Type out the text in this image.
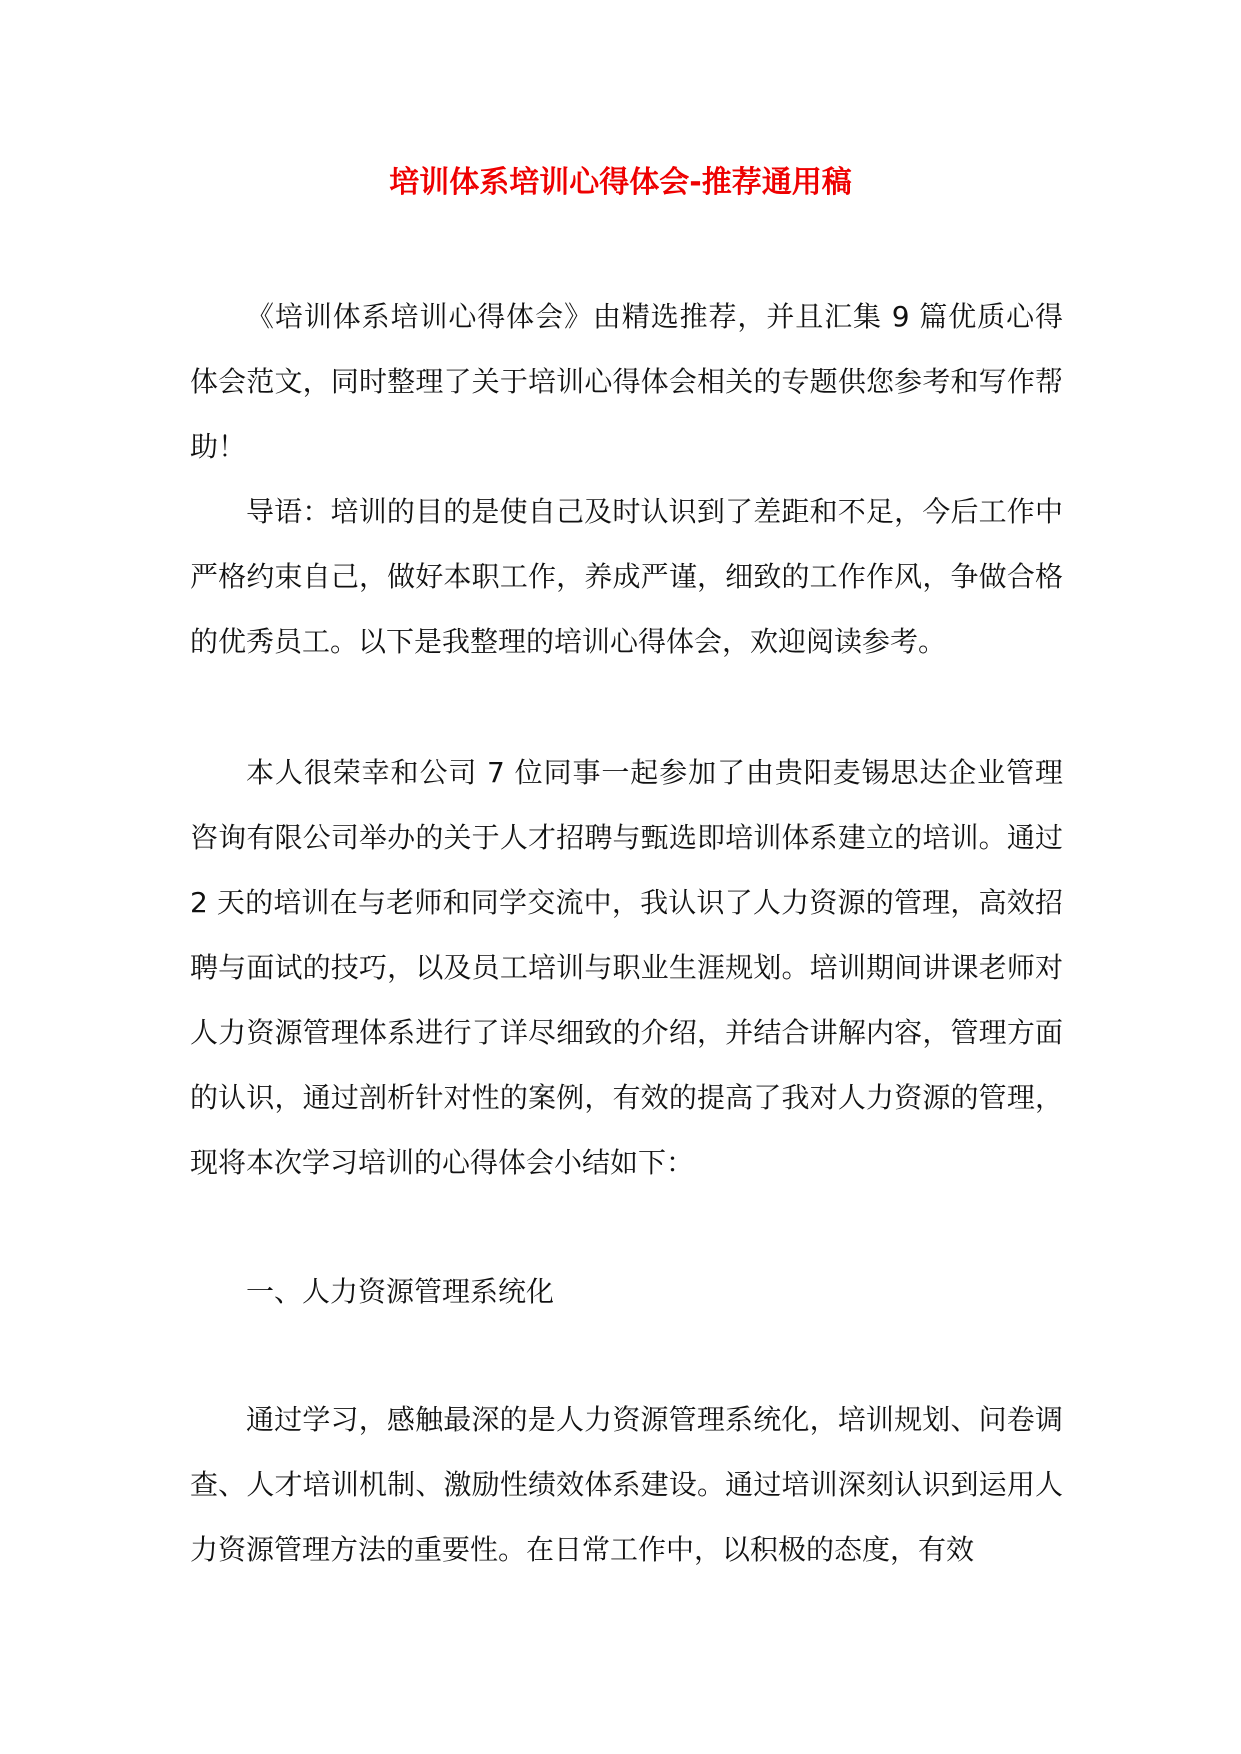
培训体系培训心得体会-推荐通用稿

《培训体系培训心得体会》由精选推荐，并且汇集 9 篇优质心得体会范文，同时整理了关于培训心得体会相关的专题供您参考和写作帮助！

导语：培训的目的是使自己及时认识到了差距和不足，今后工作中严格约束自己，做好本职工作，养成严谨，细致的工作作风，争做合格的优秀员工。以下是我整理的培训心得体会，欢迎阅读参考。

本人很荣幸和公司 7 位同事一起参加了由贵阳麦锡思达企业管理咨询有限公司举办的关于人才招聘与甄选即培训体系建立的培训。通过 2 天的培训在与老师和同学交流中，我认识了人力资源的管理，高效招聘与面试的技巧，以及员工培训与职业生涯规划。培训期间讲课老师对人力资源管理体系进行了详尽细致的介绍，并结合讲解内容，管理方面的认识，通过剖析针对性的案例，有效的提高了我对人力资源的管理，现将本次学习培训的心得体会小结如下：

一、人力资源管理系统化

通过学习，感触最深的是人力资源管理系统化，培训规划、问卷调查、人才培训机制、激励性绩效体系建设。通过培训深刻认识到运用人力资源管理方法的重要性。在日常工作中，以积极的态度，有效
